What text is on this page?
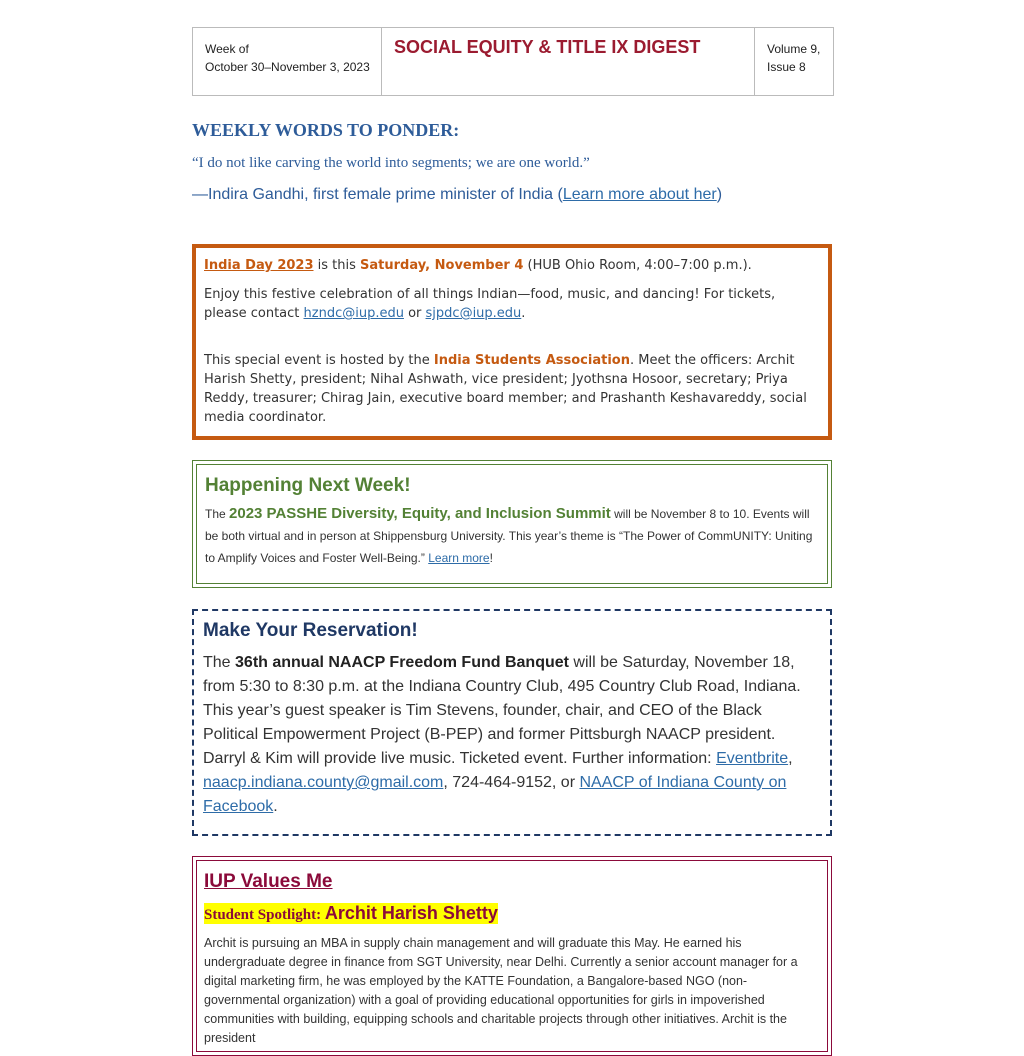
Week of
October 30–November 3, 2023
SOCIAL EQUITY & TITLE IX DIGEST	Volume 9,
Issue 8
WEEKLY WORDS TO PONDER:

“I do not like carving the world into segments; we are one world.”

—Indira Gandhi, first female prime minister of India (Learn more about her)

India Day 2023 is this Saturday, November 4 (HUB Ohio Room, 4:00–7:00 p.m.).

Enjoy this festive celebration of all things Indian—food, music, and dancing! For tickets, please contact hzndc@iup.edu or sjpdc@iup.edu.

This special event is hosted by the India Students Association. Meet the officers: Archit Harish Shetty, president; Nihal Ashwath, vice president; Jyothsna Hosoor, secretary; Priya Reddy, treasurer; Chirag Jain, executive board member; and Prashanth Keshavareddy, social media coordinator.

Happening Next Week!
The 2023 PASSHE Diversity, Equity, and Inclusion Summit will be November 8 to 10. Events will be both virtual and in person at Shippensburg University. This year’s theme is “The Power of CommUNITY: Uniting to Amplify Voices and Foster Well-Being.” Learn more!
Make Your Reservation!
The 36th annual NAACP Freedom Fund Banquet will be Saturday, November 18, from 5:30 to 8:30 p.m. at the Indiana Country Club, 495 Country Club Road, Indiana. This year’s guest speaker is Tim Stevens, founder, chair, and CEO of the Black Political Empowerment Project (B-PEP) and former Pittsburgh NAACP president. Darryl & Kim will provide live music. Ticketed event. Further information: Eventbrite, naacp.indiana.county@gmail.com, 724-464-9152, or NAACP of Indiana County on Facebook.
IUP Values Me
Student Spotlight: Archit Harish Shetty

Archit is pursuing an MBA in supply chain management and will graduate this May. He earned his undergraduate degree in finance from SGT University, near Delhi. Currently a senior account manager for a digital marketing firm, he was employed by the KATTE Foundation, a Bangalore-based NGO (non-governmental organization) with a goal of providing educational opportunities for girls in impoverished communities with building, equipping schools and charitable projects through other initiatives. Archit is the president
